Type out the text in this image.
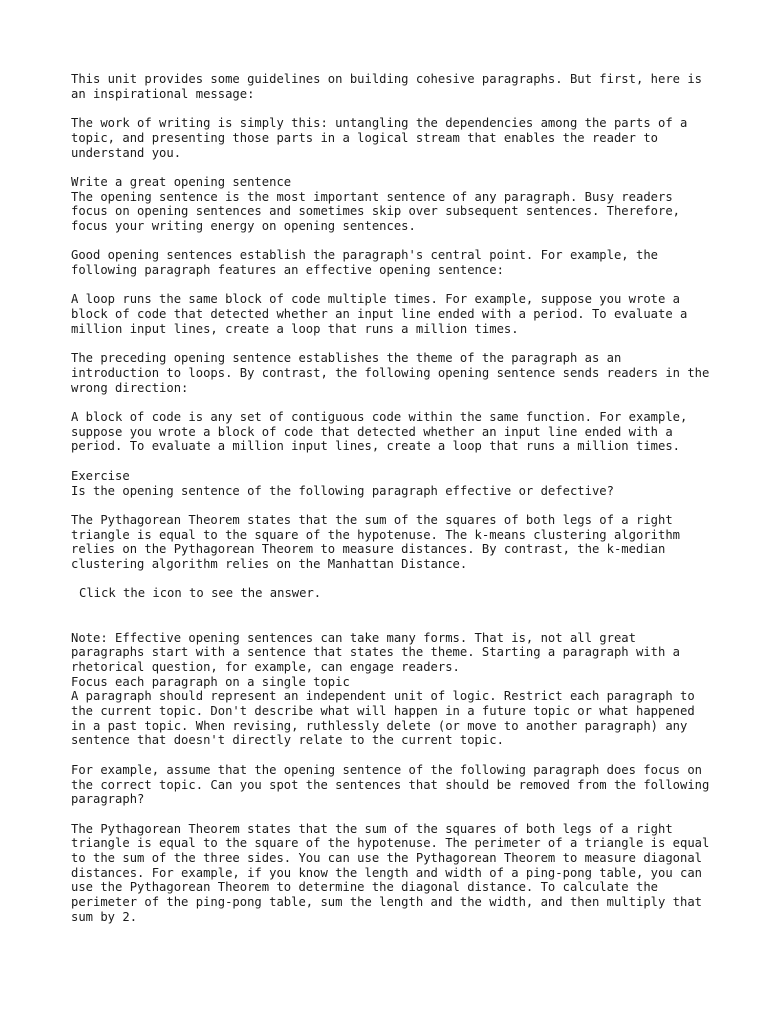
This unit provides some guidelines on building cohesive paragraphs. But first, here is an inspirational message:

The work of writing is simply this: untangling the dependencies among the parts of a topic, and presenting those parts in a logical stream that enables the reader to understand you.

Write a great opening sentence

The opening sentence is the most important sentence of any paragraph. Busy readers focus on opening sentences and sometimes skip over subsequent sentences. Therefore, focus your writing energy on opening sentences.

Good opening sentences establish the paragraph's central point. For example, the following paragraph features an effective opening sentence:

A loop runs the same block of code multiple times. For example, suppose you wrote a block of code that detected whether an input line ended with a period. To evaluate a million input lines, create a loop that runs a million times.

The preceding opening sentence establishes the theme of the paragraph as an introduction to loops. By contrast, the following opening sentence sends readers in the wrong direction:

A block of code is any set of contiguous code within the same function. For example, suppose you wrote a block of code that detected whether an input line ended with a period. To evaluate a million input lines, create a loop that runs a million times.

Exercise

Is the opening sentence of the following paragraph effective or defective?

The Pythagorean Theorem states that the sum of the squares of both legs of a right triangle is equal to the square of the hypotenuse. The k-means clustering algorithm relies on the Pythagorean Theorem to measure distances. By contrast, the k-median clustering algorithm relies on the Manhattan Distance.

Click the icon to see the answer.

Note: Effective opening sentences can take many forms. That is, not all great paragraphs start with a sentence that states the theme. Starting a paragraph with a rhetorical question, for example, can engage readers.

Focus each paragraph on a single topic

A paragraph should represent an independent unit of logic. Restrict each paragraph to the current topic. Don't describe what will happen in a future topic or what happened in a past topic. When revising, ruthlessly delete (or move to another paragraph) any sentence that doesn't directly relate to the current topic.

For example, assume that the opening sentence of the following paragraph does focus on the correct topic. Can you spot the sentences that should be removed from the following paragraph?

The Pythagorean Theorem states that the sum of the squares of both legs of a right triangle is equal to the square of the hypotenuse. The perimeter of a triangle is equal to the sum of the three sides. You can use the Pythagorean Theorem to measure diagonal distances. For example, if you know the length and width of a ping-pong table, you can use the Pythagorean Theorem to determine the diagonal distance. To calculate the perimeter of the ping-pong table, sum the length and the width, and then multiply that sum by 2.
